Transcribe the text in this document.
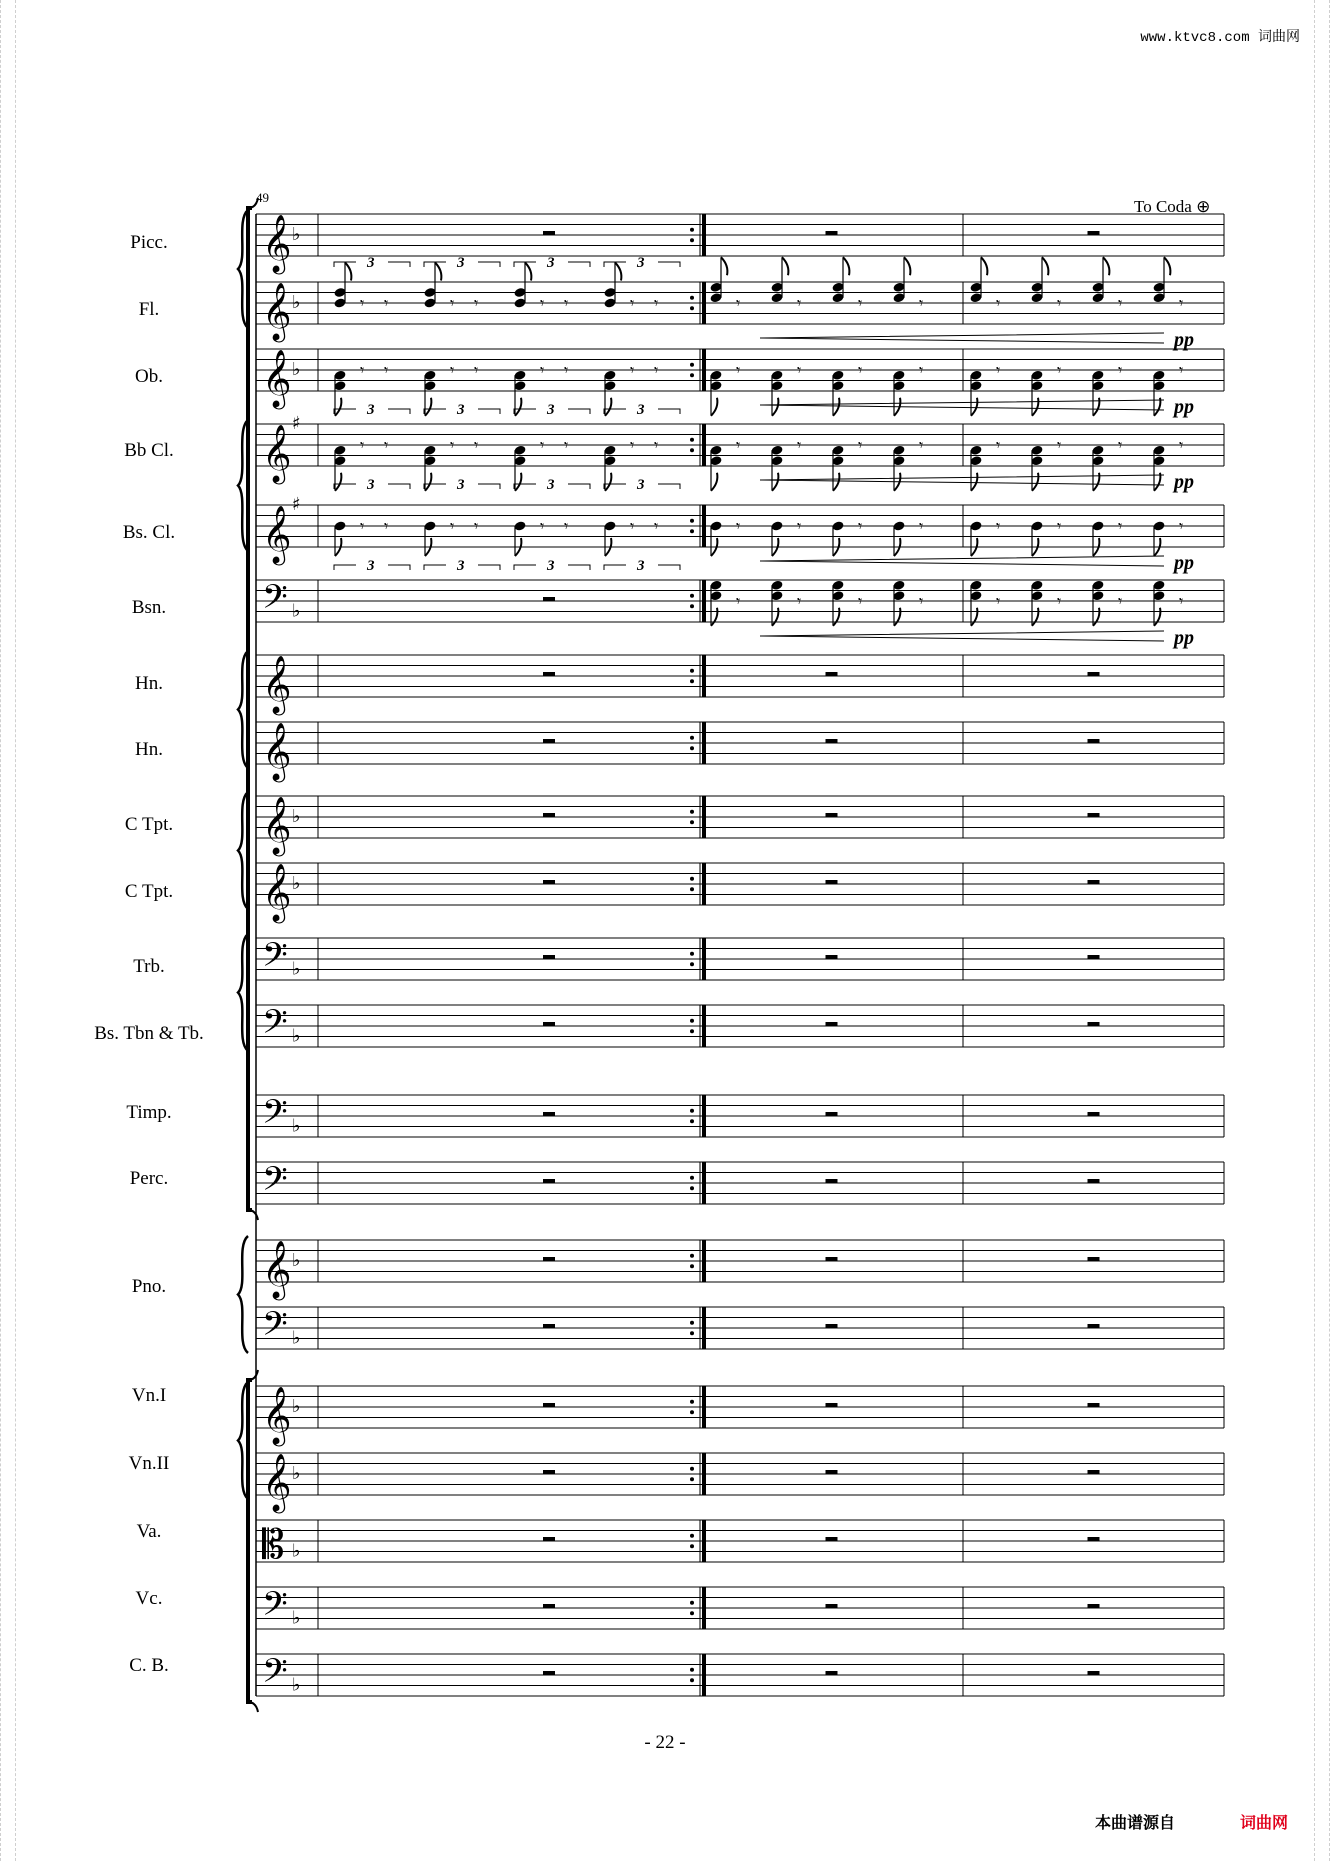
www.ktvc8.com 词曲网
49	To Coda ⊕
Picc.
Fl.
Ob.
Bb Cl.
Bs. Cl.
Bsn.
Hn.
Hn.
C Tpt.
C Tpt.
Trb.
Bs. Tbn & Tb.
Timp.
Perc.
Pno.
Vn.I
Vn.II
Va.
Vc.
C. B.
𝄞 ♭
𝄞 ♭
𝄞 ♭
𝄞
♯
𝄞
♯
𝄢 ♭
𝄞
𝄞
𝄞 ♭
𝄞 ♭
𝄢 ♭
𝄢 ♭
𝄢 ♭
𝄢
𝄞 ♭
𝄢 ♭
𝄞 ♭
𝄞 ♭
𝄡 ♭
𝄢 ♭
𝄢 ♭
𝄾 𝄾
3
𝄾 𝄾
3
𝄾 𝄾
3
𝄾 𝄾
3
𝄾	𝄾	𝄾	𝄾	𝄾	𝄾	𝄾	𝄾
pp
𝄾 𝄾
3
𝄾 𝄾
3
𝄾 𝄾
3
𝄾 𝄾
3
𝄾	𝄾	𝄾	𝄾	𝄾	𝄾	𝄾	𝄾
pp
𝄾 𝄾
3
𝄾 𝄾
3
𝄾 𝄾
3
𝄾 𝄾
3
𝄾	𝄾	𝄾	𝄾	𝄾	𝄾	𝄾	𝄾
pp
𝄾 𝄾
3
𝄾 𝄾
3
𝄾 𝄾
3
𝄾 𝄾
3
𝄾	𝄾	𝄾	𝄾	𝄾	𝄾	𝄾	𝄾
pp
𝄾	𝄾	𝄾	𝄾	𝄾	𝄾	𝄾	𝄾
pp
- 22 -
本曲谱源自	词曲网
